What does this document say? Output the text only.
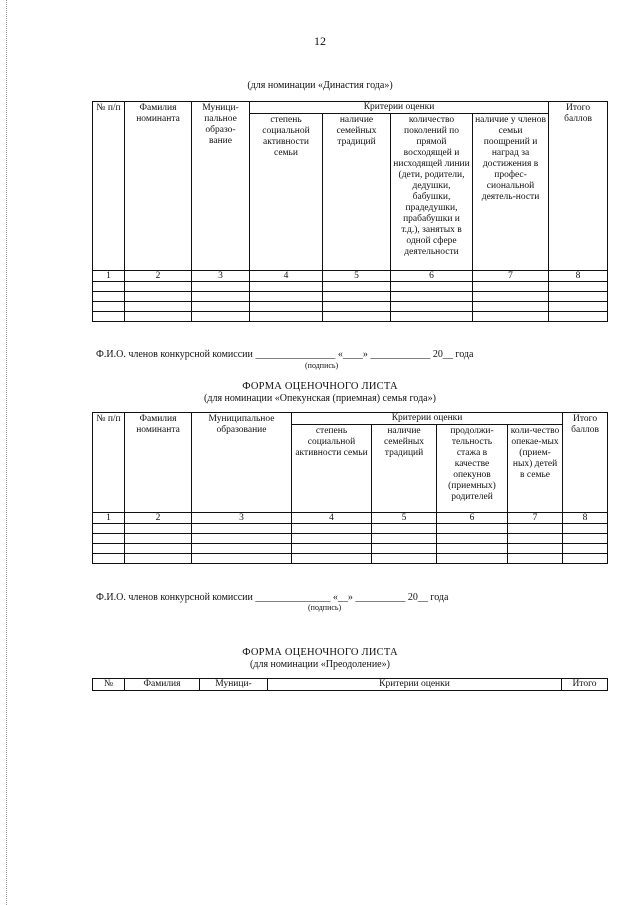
12
(для номинации «Династия года»)
№ п/п	Фамилия номинанта	Муници-пальное образо-вание	Критерии оценки				Итого баллов
			степень социальной активности семьи	наличие семейных традиций	количество поколений по прямой восходящей и нисходящей линии (дети, родители, дедушки, бабушки, прадедушки, прабабушки и т.д.), занятых в одной сфере деятельности	наличие у членов семьи поощрений и наград за достижения в профес-сиональной деятель-ности	
1	2	3	4	5	6	7	8

Ф.И.О. членов конкурсной комиссии ________________ «____» ____________ 20__ года
(подпись)
ФОРМА ОЦЕНОЧНОГО ЛИСТА
(для номинации «Опекунская (приемная) семья года»)
№ п/п	Фамилия номинанта	Муниципальное образование	Критерии оценки				Итого баллов
			степень социальной активности семьи	наличие семейных традиций	продолжи-тельность стажа в качестве опекунов (приемных) родителей	коли-чество опекае-мых (прием-ных) детей в семье	
1	2	3	4	5	6	7	8

Ф.И.О. членов конкурсной комиссии _______________ «__» __________ 20__ года
(подпись)
ФОРМА ОЦЕНОЧНОГО ЛИСТА
(для номинации «Преодоление»)
№	Фамилия	Муници-	Критерии оценки	Итого
